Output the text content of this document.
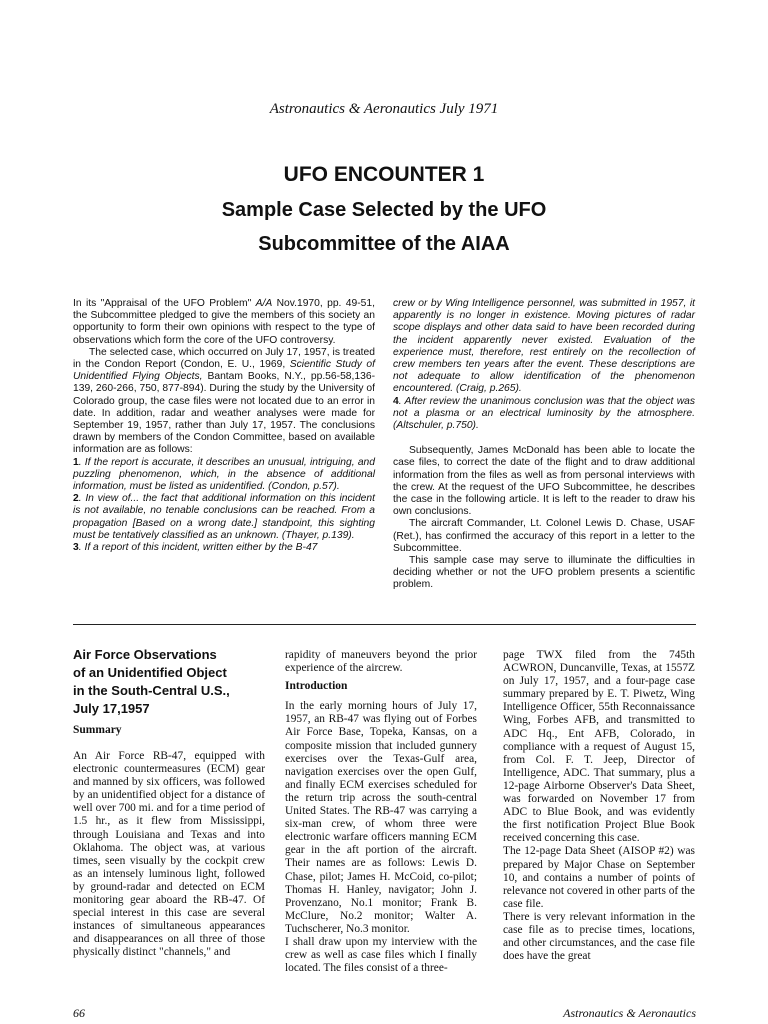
Astronautics & Aeronautics July 1971
UFO ENCOUNTER 1
Sample Case Selected by the UFO
Subcommittee of the AIAA

In its "Appraisal of the UFO Problem" A/A Nov.1970, pp. 49-51, the Subcommittee pledged to give the members of this society an opportunity to form their own opinions with respect to the type of observations which form the core of the UFO controversy.

The selected case, which occurred on July 17, 1957, is treated in the Condon Report (Condon, E. U., 1969, Scientific Study of Unidentified Flying Objects, Bantam Books, N.Y., pp.56-58,136-139, 260-266, 750, 877-894). During the study by the University of Colorado group, the case files were not located due to an error in date. In addition, radar and weather analyses were made for September 19, 1957, rather than July 17, 1957. The conclusions drawn by members of the Condon Committee, based on available information are as follows:

1. If the report is accurate, it describes an unusual, intriguing, and puzzling phenomenon, which, in the absence of additional information, must be listed as unidentified. (Condon, p.57).

2. In view of... the fact that additional information on this incident is not available, no tenable conclusions can be reached. From a propagation [Based on a wrong date.] standpoint, this sighting must be tentatively classified as an unknown. (Thayer, p.139).

3. If a report of this incident, written either by the B-47

crew or by Wing Intelligence personnel, was submitted in 1957, it apparently is no longer in existence. Moving pictures of radar scope displays and other data said to have been recorded during the incident apparently never existed. Evaluation of the experience must, therefore, rest entirely on the recollection of crew members ten years after the event. These descriptions are not adequate to allow identification of the phenomenon encountered. (Craig, p.265).

4. After review the unanimous conclusion was that the object was not a plasma or an electrical luminosity by the atmosphere. (Altschuler, p.750).

Subsequently, James McDonald has been able to locate the case files, to correct the date of the flight and to draw additional information from the files as well as from personal interviews with the crew. At the request of the UFO Subcommittee, he describes the case in the following article. It is left to the reader to draw his own conclusions.

The aircraft Commander, Lt. Colonel Lewis D. Chase, USAF (Ret.), has confirmed the accuracy of this report in a letter to the Subcommittee.

This sample case may serve to illuminate the difficulties in deciding whether or not the UFO problem presents a scientific problem.

Air Force Observations
of an Unidentified Object
in the South-Central U.S.,
July 17,1957
Summary

An Air Force RB-47, equipped with electronic countermeasures (ECM) gear and manned by six officers, was followed by an unidentified object for a distance of well over 700 mi. and for a time period of 1.5 hr., as it flew from Mississippi, through Louisiana and Texas and into Oklahoma. The object was, at various times, seen visually by the cockpit crew as an intensely luminous light, followed by ground-radar and detected on ECM monitoring gear aboard the RB-47. Of special interest in this case are several instances of simultaneous appearances and disappearances on all three of those physically distinct "channels," and

rapidity of maneuvers beyond the prior experience of the aircrew.

Introduction

In the early morning hours of July 17, 1957, an RB-47 was flying out of Forbes Air Force Base, Topeka, Kansas, on a composite mission that included gunnery exercises over the Texas-Gulf area, navigation exercises over the open Gulf, and finally ECM exercises scheduled for the return trip across the south-central United States. The RB-47 was carrying a six-man crew, of whom three were electronic warfare officers manning ECM gear in the aft portion of the aircraft. Their names are as follows: Lewis D. Chase, pilot; James H. McCoid, co-pilot; Thomas H. Hanley, navigator; John J. Provenzano, No.1 monitor; Frank B. McClure, No.2 monitor; Walter A. Tuchscherer, No.3 monitor.

I shall draw upon my interview with the crew as well as case files which I finally located. The files consist of a three-

page TWX filed from the 745th ACWRON, Duncanville, Texas, at 1557Z on July 17, 1957, and a four-page case summary prepared by E. T. Piwetz, Wing Intelligence Officer, 55th Reconnaissance Wing, Forbes AFB, and transmitted to ADC Hq., Ent AFB, Colorado, in compliance with a request of August 15, from Col. F. T. Jeep, Director of Intelligence, ADC. That summary, plus a 12-page Airborne Observer's Data Sheet, was forwarded on November 17 from ADC to Blue Book, and was evidently the first notification Project Blue Book received concerning this case.

The 12-page Data Sheet (AISOP #2) was prepared by Major Chase on September 10, and contains a number of points of relevance not covered in other parts of the case file.

There is very relevant information in the case file as to precise times, locations, and other circumstances, and the case file does have the great

66	Astronautics & Aeronautics
